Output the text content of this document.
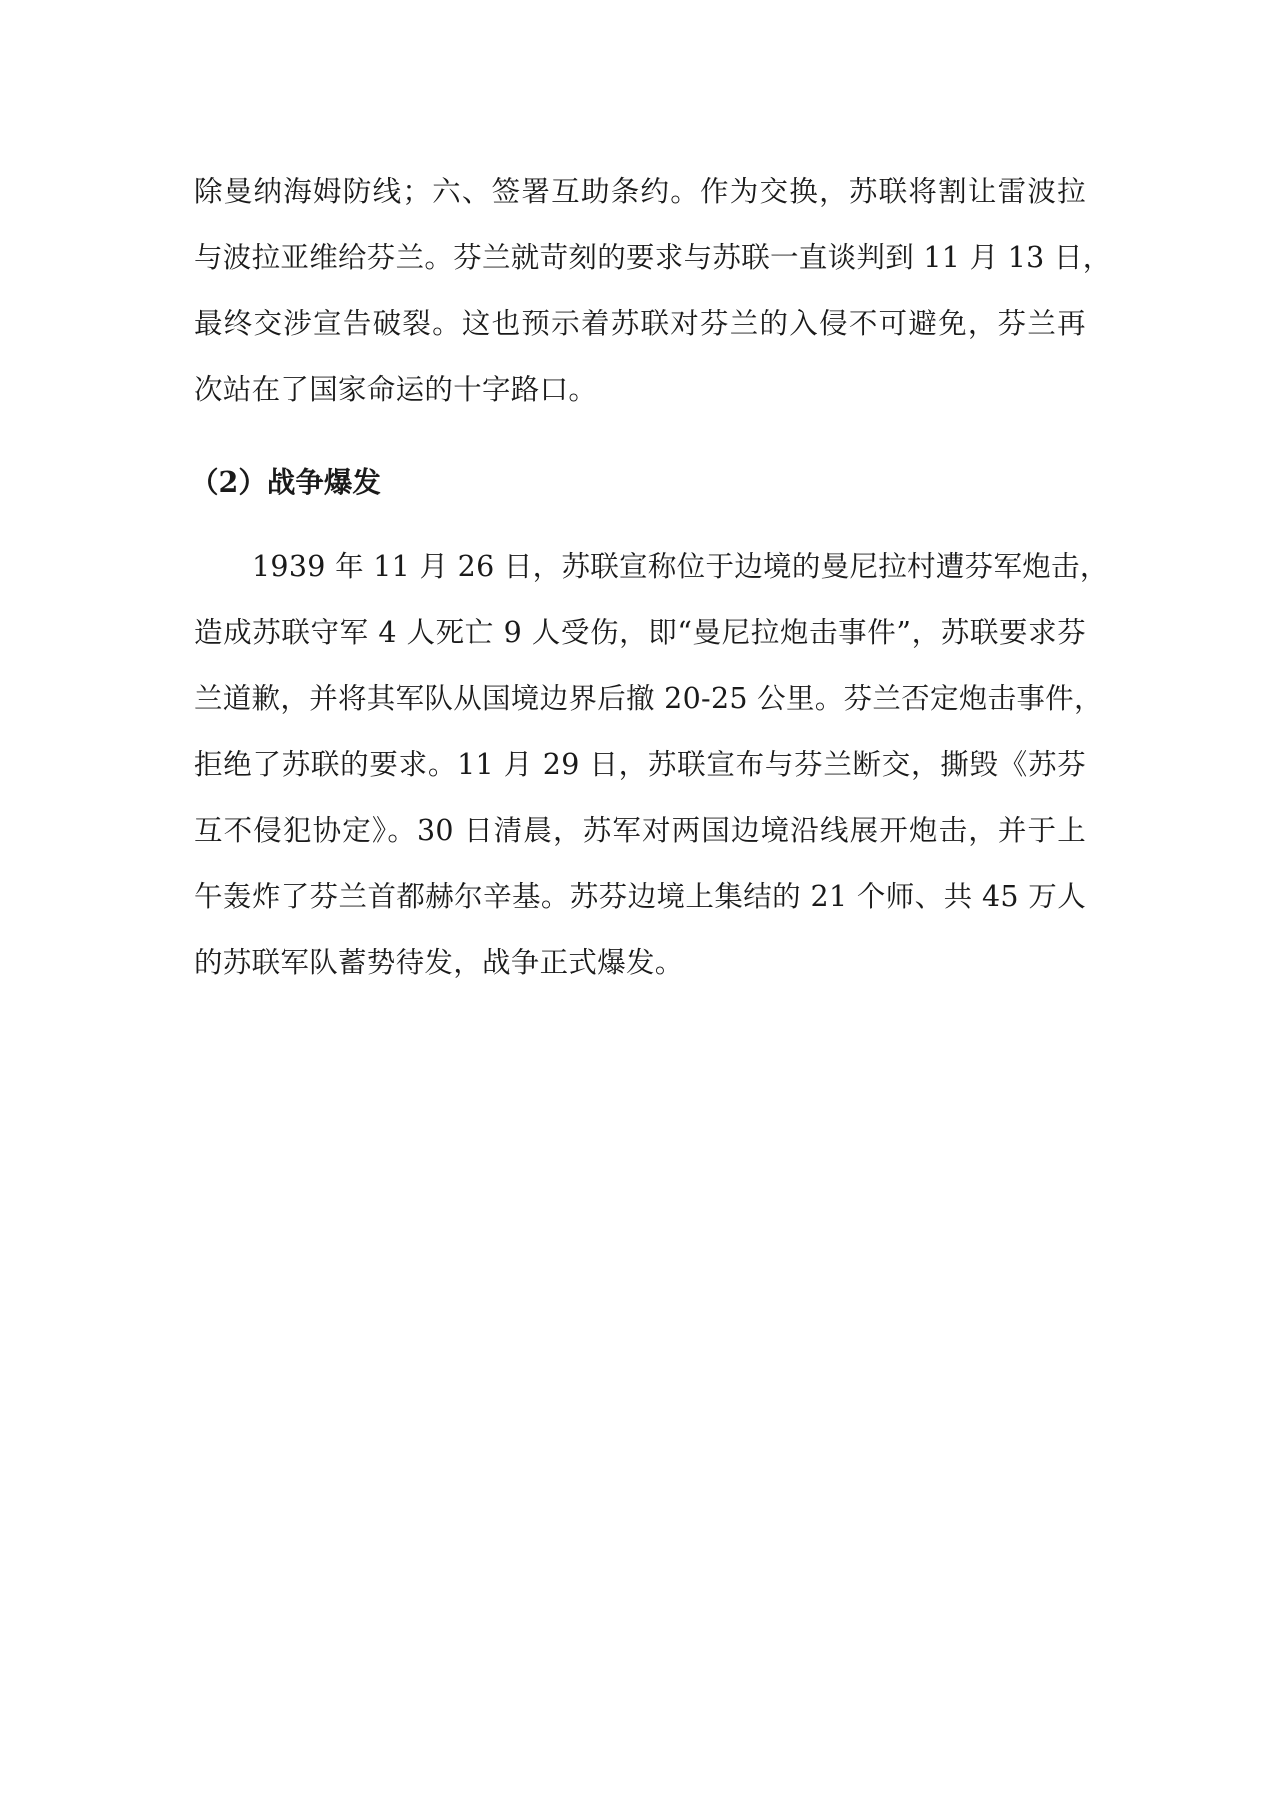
除曼纳海姆防线；六、签署互助条约。作为交换，苏联将割让雷波拉
与波拉亚维给芬兰。芬兰就苛刻的要求与苏联一直谈判到 11 月 13 日，
最终交涉宣告破裂。这也预示着苏联对芬兰的入侵不可避免，芬兰再
次站在了国家命运的十字路口。
（2）战争爆发
1939 年 11 月 26 日，苏联宣称位于边境的曼尼拉村遭芬军炮击，
造成苏联守军 4 人死亡 9 人受伤，即“曼尼拉炮击事件”，苏联要求芬
兰道歉，并将其军队从国境边界后撤 20-25 公里。芬兰否定炮击事件，
拒绝了苏联的要求。11 月 29 日，苏联宣布与芬兰断交，撕毁《苏芬
互不侵犯协定》。30 日清晨，苏军对两国边境沿线展开炮击，并于上
午轰炸了芬兰首都赫尔辛基。苏芬边境上集结的 21 个师、共 45 万人
的苏联军队蓄势待发，战争正式爆发。
